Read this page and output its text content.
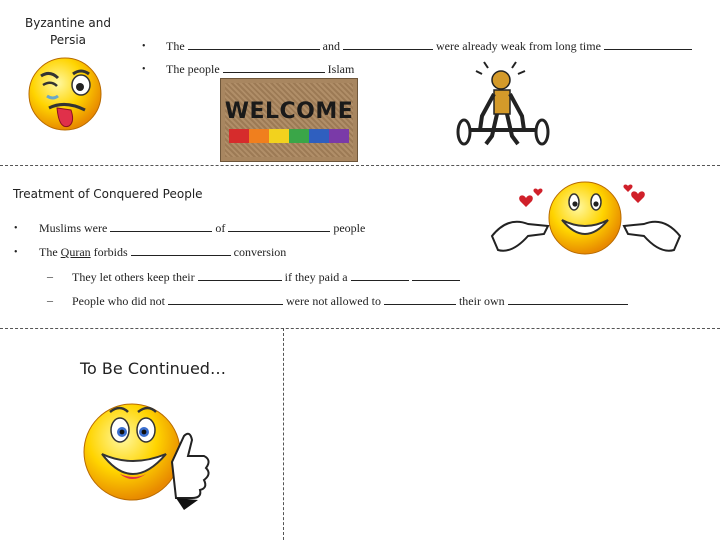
Byzantine and
Persia	• The	and	were already weak from long time
• The people	Islam
WELCOME
Treatment of Conquered People
• Muslims were	of	people
• The Quran forbids	conversion
– They let others keep their	if they paid a
– People who did not	were not allowed to	their own
To Be Continued…
